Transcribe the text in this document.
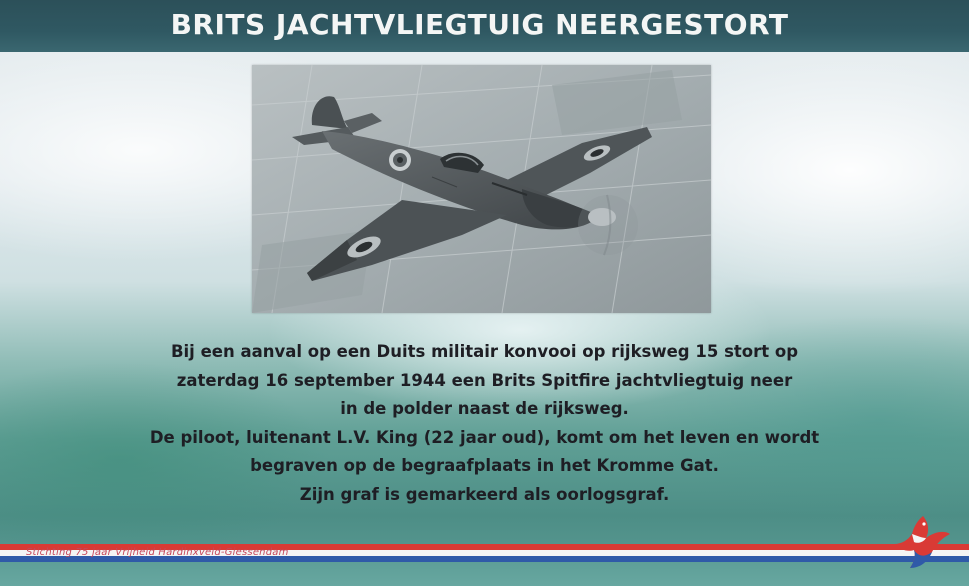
BRITS JACHTVLIEGTUIG NEERGESTORT
Bij een aanval op een Duits militair konvooi op rijksweg 15 stort op
zaterdag 16 september 1944 een Brits Spitfire jachtvliegtuig neer
in de polder naast de rijksweg.
De piloot, luitenant L.V. King (22 jaar oud), komt om het leven en wordt
begraven op de begraafplaats in het Kromme Gat.
Zijn graf is gemarkeerd als oorlogsgraf.
Stichting 75 jaar Vrijheid Hardinxveld-Giessendam
